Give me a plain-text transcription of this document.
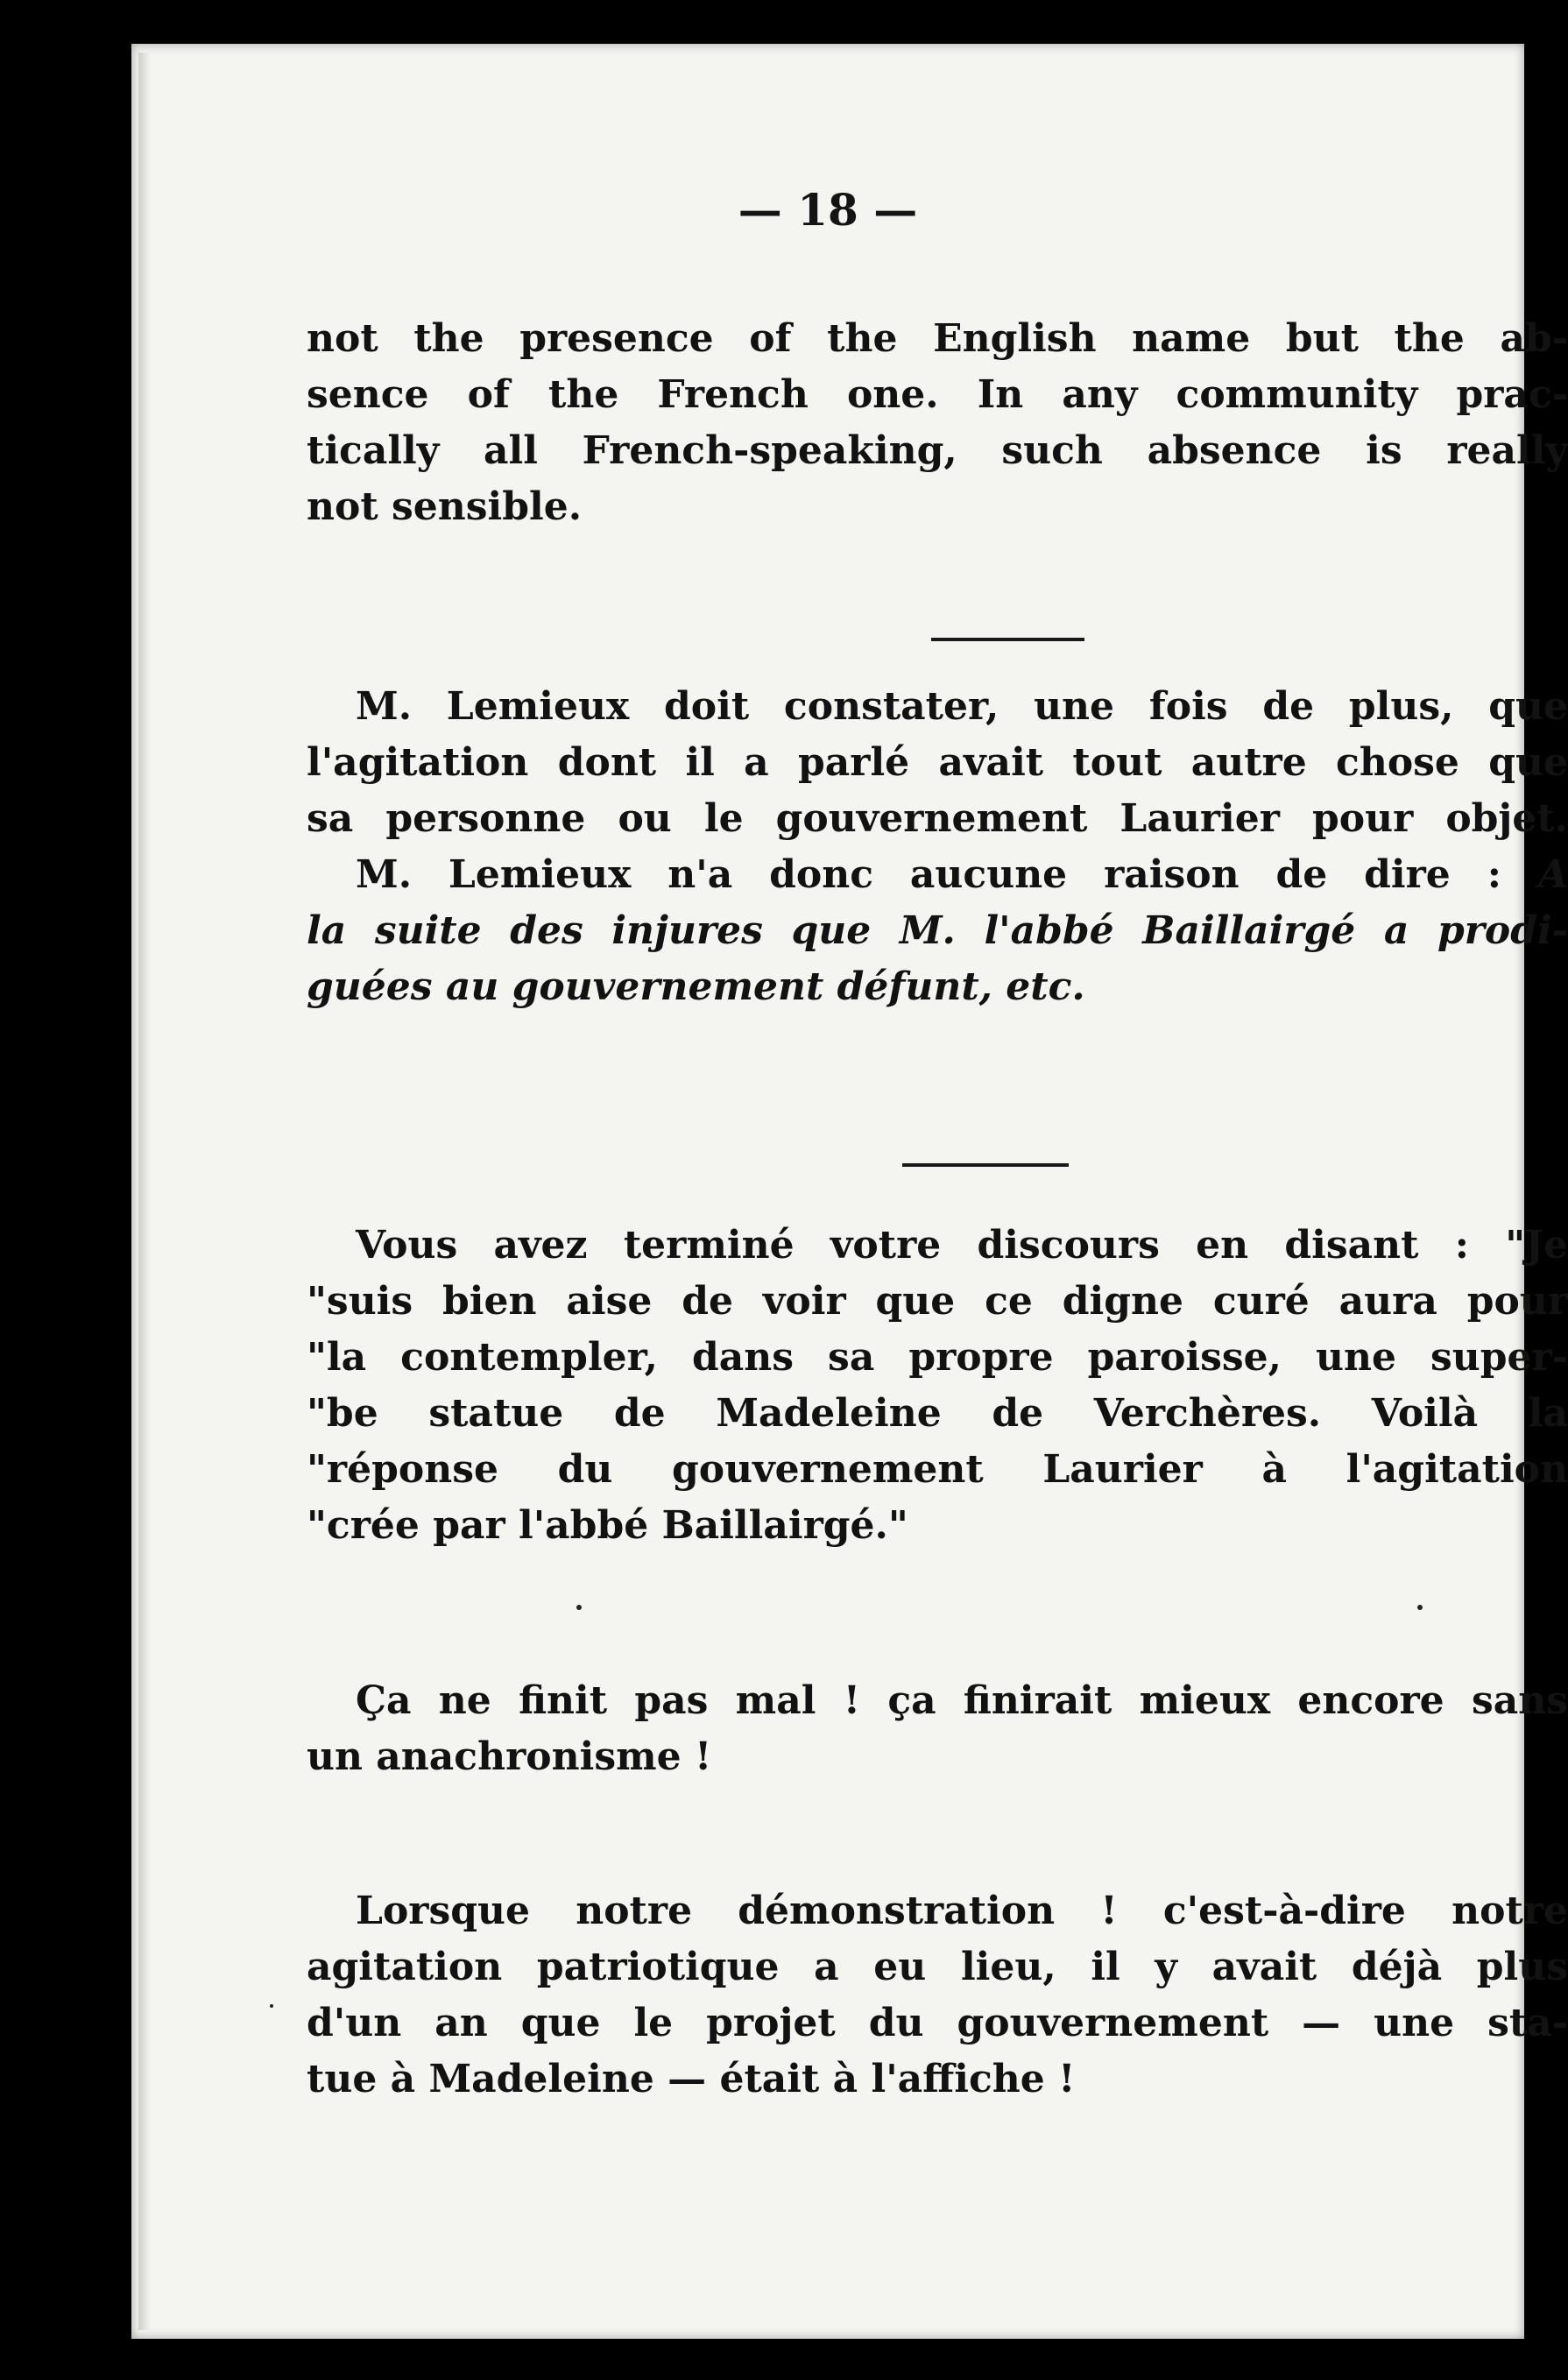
— 18 —
not the presence of the English name but the ab-
sence of the French one. In any community prac-
tically all French-speaking, such absence is really
not sensible.
M. Lemieux doit constater, une fois de plus, que
l'agitation dont il a parlé avait tout autre chose que
sa personne ou le gouvernement Laurier pour objet.
M. Lemieux n'a donc aucune raison de dire : A
la suite des injures que M. l'abbé Baillairgé a prodi-
guées au gouvernement défunt, etc.
Vous avez terminé votre discours en disant : "Je
"suis bien aise de voir que ce digne curé aura pour
"la contempler, dans sa propre paroisse, une super-
"be statue de Madeleine de Verchères. Voilà la
"réponse du gouvernement Laurier à l'agitation
"crée par l'abbé Baillairgé."
Ça ne finit pas mal ! ça finirait mieux encore sans
un anachronisme !
Lorsque notre démonstration ! c'est-à-dire notre
agitation patriotique a eu lieu, il y avait déjà plus
d'un an que le projet du gouvernement — une sta-
tue à Madeleine — était à l'affiche !
